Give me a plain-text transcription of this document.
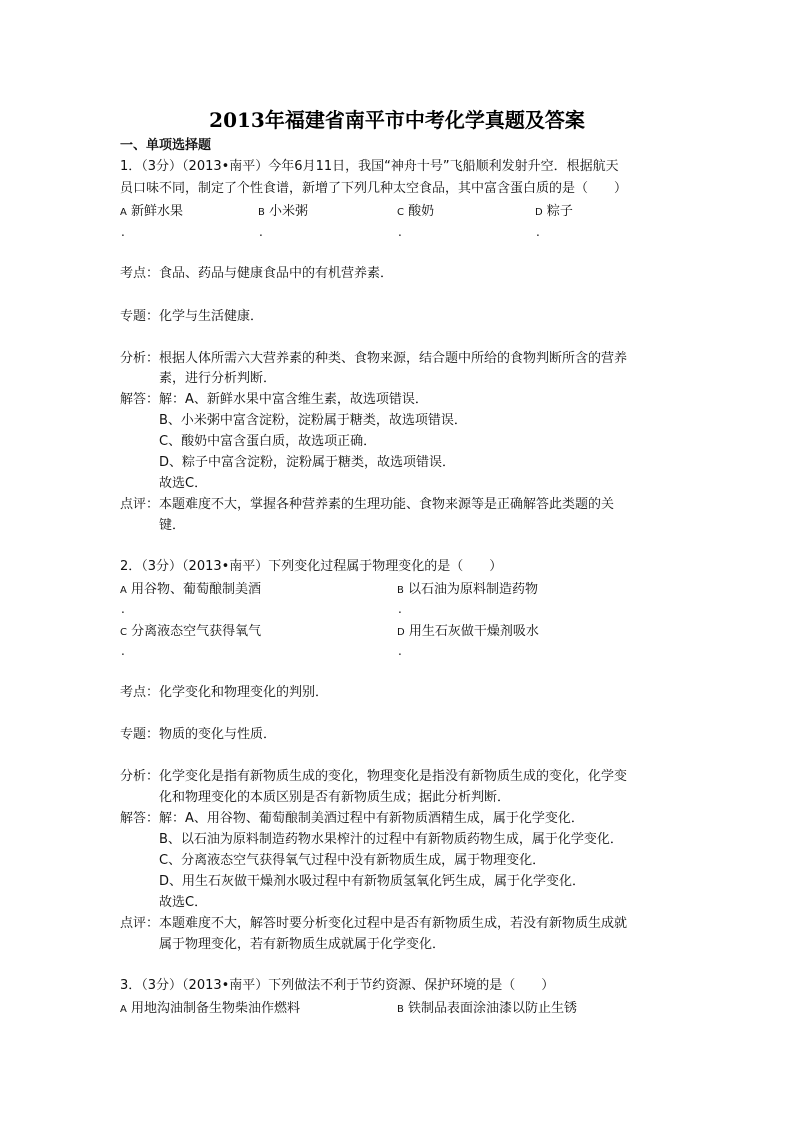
2013年福建省南平市中考化学真题及答案
一、单项选择题
1．（3分）（2013•南平）今年6月11日，我国“神舟十号”飞船顺利发射升空．根据航天
员口味不同，制定了个性食谱，新增了下列几种太空食品，其中富含蛋白质的是（　　）
A 新鲜水果	B 小米粥	C 酸奶	D 粽子
.	.	.	.
考点：食品、药品与健康食品中的有机营养素．
专题：化学与生活健康．
分析：根据人体所需六大营养素的种类、食物来源，结合题中所给的食物判断所含的营养
素，进行分析判断．
解答：解：A、新鲜水果中富含维生素，故选项错误．
B、小米粥中富含淀粉，淀粉属于糖类，故选项错误．
C、酸奶中富含蛋白质，故选项正确．
D、粽子中富含淀粉，淀粉属于糖类，故选项错误．
故选C．
点评：本题难度不大，掌握各种营养素的生理功能、食物来源等是正确解答此类题的关
键．
2．（3分）（2013•南平）下列变化过程属于物理变化的是（　　）
A 用谷物、葡萄酿制美酒	B 以石油为原料制造药物
.	.
C 分离液态空气获得氧气	D 用生石灰做干燥剂吸水
.	.
考点：化学变化和物理变化的判别．
专题：物质的变化与性质．
分析：化学变化是指有新物质生成的变化，物理变化是指没有新物质生成的变化，化学变
化和物理变化的本质区别是否有新物质生成；据此分析判断．
解答：解：A、用谷物、葡萄酿制美酒过程中有新物质酒精生成，属于化学变化．
B、以石油为原料制造药物水果榨汁的过程中有新物质药物生成，属于化学变化．
C、分离液态空气获得氧气过程中没有新物质生成，属于物理变化．
D、用生石灰做干燥剂水吸过程中有新物质氢氧化钙生成，属于化学变化．
故选C．
点评：本题难度不大，解答时要分析变化过程中是否有新物质生成，若没有新物质生成就
属于物理变化，若有新物质生成就属于化学变化．
3．（3分）（2013•南平）下列做法不利于节约资源、保护环境的是（　　）
A 用地沟油制备生物柴油作燃料	B 铁制品表面涂油漆以防止生锈
